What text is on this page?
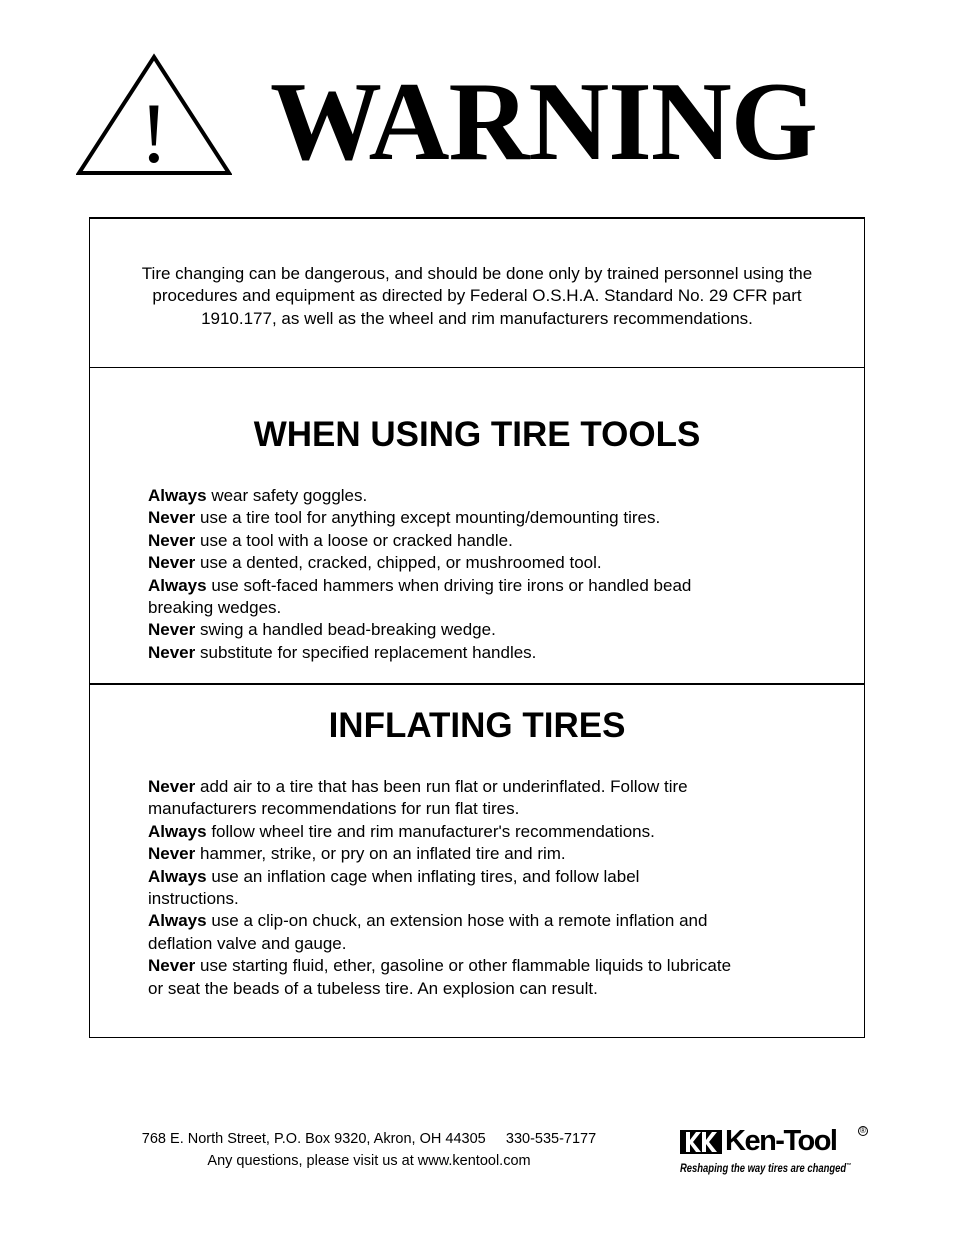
! WARNING

Tire changing can be dangerous, and should be done only by trained personnel using the procedures and equipment as directed by Federal O.S.H.A. Standard No. 29 CFR part 1910.177, as well as the wheel and rim manufacturers recommendations.

WHEN USING TIRE TOOLS
Always wear safety goggles.
Never use a tire tool for anything except mounting/demounting tires.
Never use a tool with a loose or cracked handle.
Never use a dented, cracked, chipped, or mushroomed tool.
Always use soft-faced hammers when driving tire irons or handled bead breaking wedges.
Never swing a handled bead-breaking wedge.
Never substitute for specified replacement handles.
INFLATING TIRES
Never add air to a tire that has been run flat or underinflated. Follow tire manufacturers recommendations for run flat tires.
Always follow wheel tire and rim manufacturer's recommendations.
Never hammer, strike, or pry on an inflated tire and rim.
Always use an inflation cage when inflating tires, and follow label instructions.
Always use a clip-on chuck, an extension hose with a remote inflation and deflation valve and gauge.
Never use starting fluid, ether, gasoline or other flammable liquids to lubricate or seat the beads of a tubeless tire. An explosion can result.
768 E. North Street, P.O. Box 9320, Akron, OH 44305 330-535-7177
Any questions, please visit us at www.kentool.com
Ken-Tool	®
Reshaping the way tires are changed™
